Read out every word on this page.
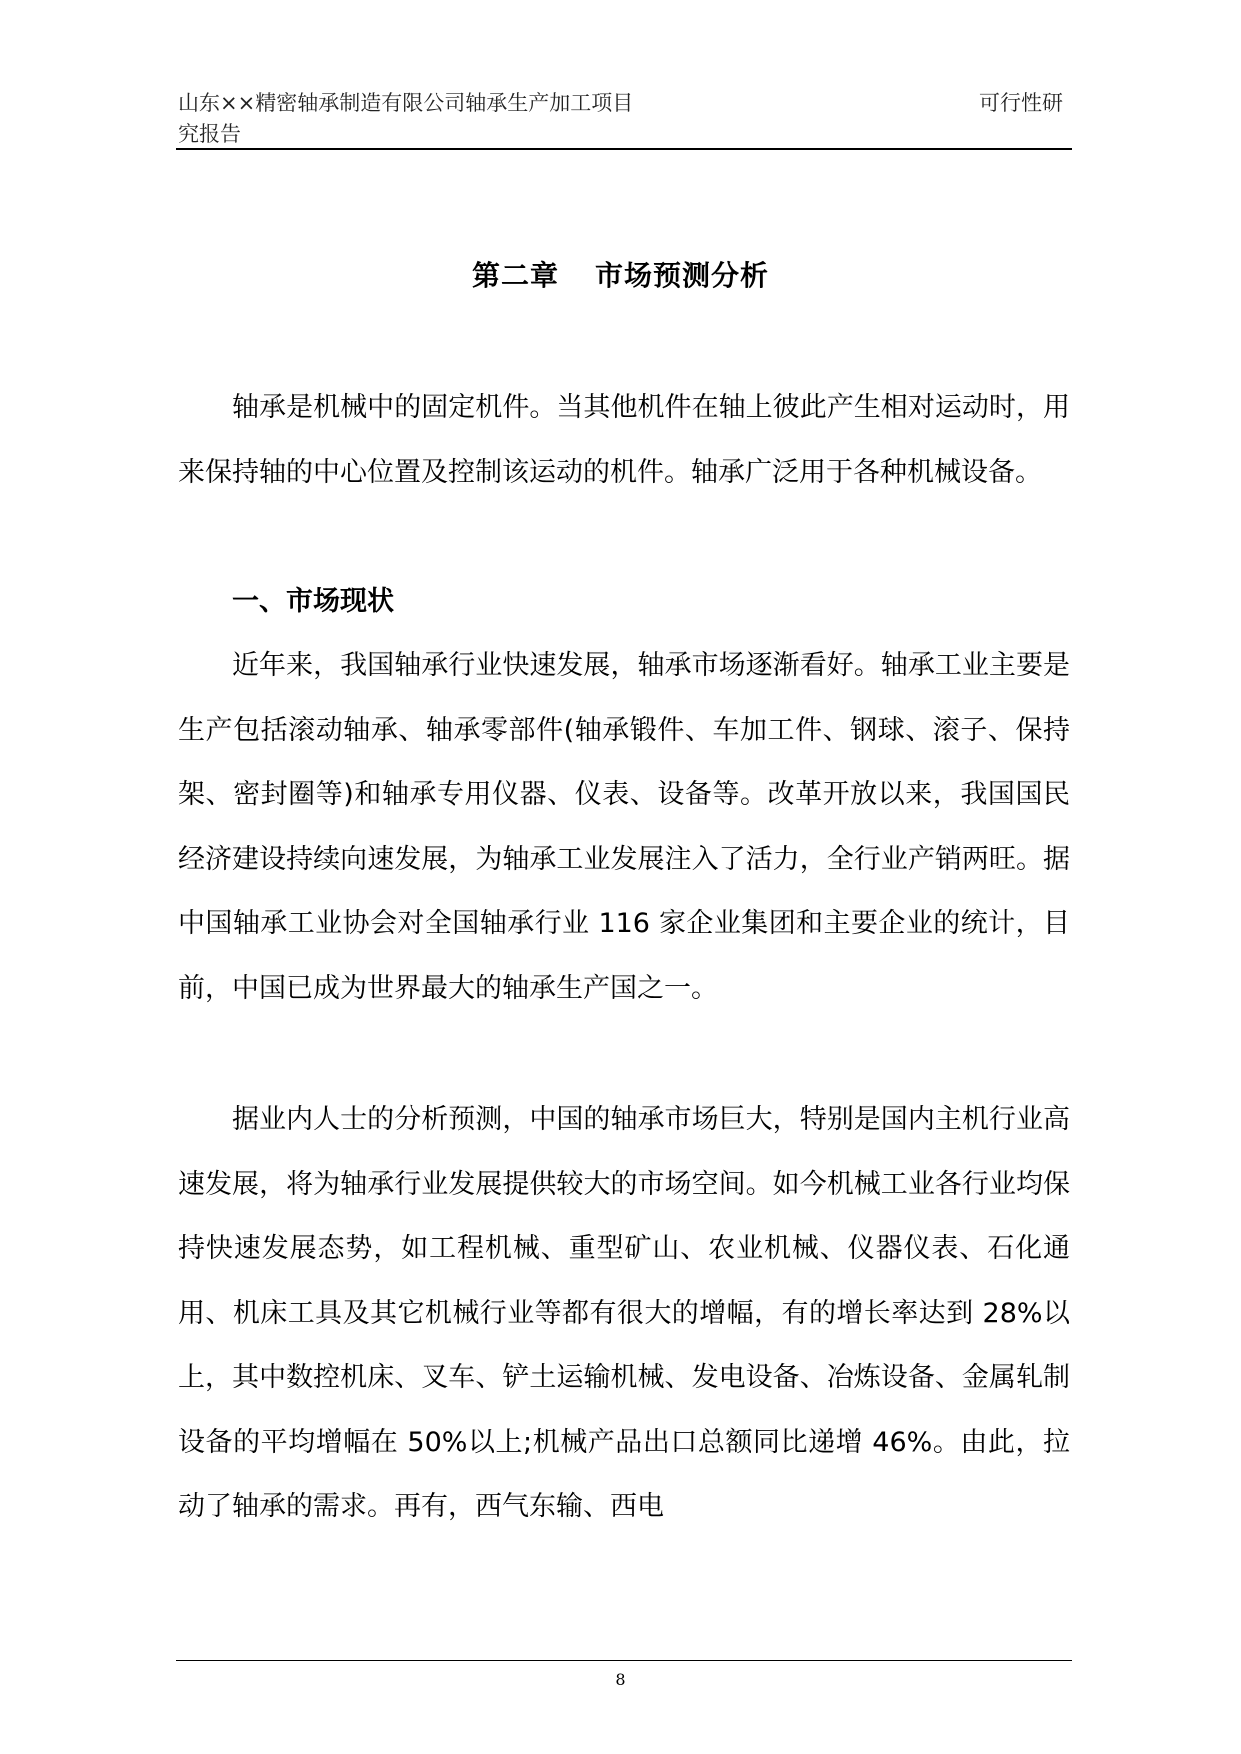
山东××精密轴承制造有限公司轴承生产加工项目
究报告
可行性研
第二章 市场预测分析

轴承是机械中的固定机件。当其他机件在轴上彼此产生相对运动时，用来保持轴的中心位置及控制该运动的机件。轴承广泛用于各种机械设备。

一、市场现状

近年来，我国轴承行业快速发展，轴承市场逐渐看好。轴承工业主要是生产包括滚动轴承、轴承零部件(轴承锻件、车加工件、钢球、滚子、保持架、密封圈等)和轴承专用仪器、仪表、设备等。改革开放以来，我国国民经济建设持续向速发展，为轴承工业发展注入了活力，全行业产销两旺。据中国轴承工业协会对全国轴承行业 116 家企业集团和主要企业的统计，目前，中国已成为世界最大的轴承生产国之一。

据业内人士的分析预测，中国的轴承市场巨大，特别是国内主机行业高速发展，将为轴承行业发展提供较大的市场空间。如今机械工业各行业均保持快速发展态势，如工程机械、重型矿山、农业机械、仪器仪表、石化通用、机床工具及其它机械行业等都有很大的增幅，有的增长率达到 28%以上，其中数控机床、叉车、铲土运输机械、发电设备、冶炼设备、金属轧制设备的平均增幅在 50%以上;机械产品出口总额同比递增 46%。由此，拉动了轴承的需求。再有，西气东输、西电

8
